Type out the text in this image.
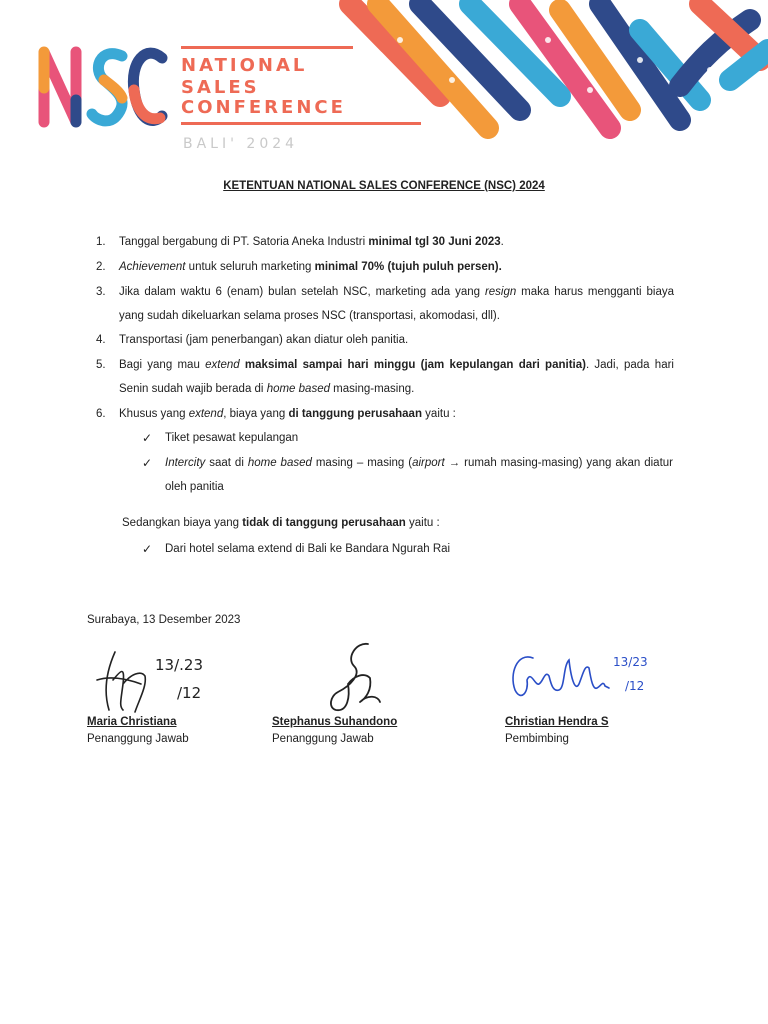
NATIONAL
SALES
CONFERENCE
BALI' 2024
KETENTUAN NATIONAL SALES CONFERENCE (NSC) 2024
1. Tanggal bergabung di PT. Satoria Aneka Industri minimal tgl 30 Juni 2023.
2. Achievement untuk seluruh marketing minimal 70% (tujuh puluh persen).
3. Jika dalam waktu 6 (enam) bulan setelah NSC, marketing ada yang resign maka harus mengganti biaya yang sudah dikeluarkan selama proses NSC (transportasi, akomodasi, dll).
4. Transportasi (jam penerbangan) akan diatur oleh panitia.
5. Bagi yang mau extend maksimal sampai hari minggu (jam kepulangan dari panitia). Jadi, pada hari Senin sudah wajib berada di home based masing-masing.
6. Khusus yang extend, biaya yang di tanggung perusahaan yaitu :
✓ Tiket pesawat kepulangan
✓ Intercity saat di home based masing – masing (airport → rumah masing-masing) yang akan diatur oleh panitia
Sedangkan biaya yang tidak di tanggung perusahaan yaitu :
✓ Dari hotel selama extend di Bali ke Bandara Ngurah Rai
Surabaya, 13 Desember 2023
13/.23
/12
13/23
/12
Maria Christiana
Penanggung Jawab
Stephanus Suhandono
Penanggung Jawab
Christian Hendra S
Pembimbing
